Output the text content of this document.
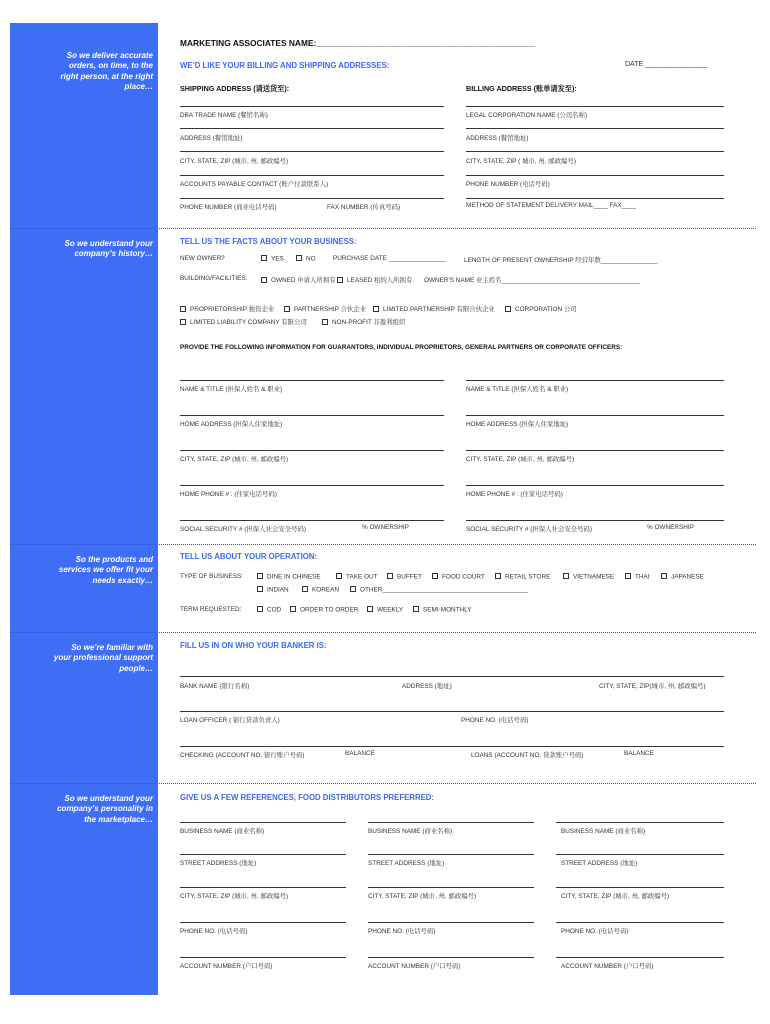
So we deliver accurate orders, on time, to the right person, at the right place…
So we understand your company’s history…
So the products and services we offer fit your needs exactly…
So we’re familiar with your professional support people…
So we understand your company’s personality in the marketplace…
MARKETING ASSOCIATES NAME:_______________________________________________
WE’D LIKE YOUR BILLING AND SHIPPING ADDRESSES:	DATE ________________
SHIPPING ADDRESS (请送货至):	BILLING ADDRESS (账单请发至):
DBA TRADE NAME (餐馆名称)
ADDRESS (餐馆地址)
CITY, STATE, ZIP (城市, 州, 邮政编号)
ACCOUNTS PAYABLE CONTACT (账户付款联系人)
PHONE NUMBER (商业电话号码)	FAX NUMBER (传真号码)
LEGAL CORPORATION NAME (公司名称)
ADDRESS (餐馆地址)
CITY, STATE, ZIP ( 城市, 州, 邮政编号)
PHONE NUMBER (电话号码)
METHOD OF STATEMENT DELIVERY MAIL____ FAX____
TELL US THE FACTS ABOUT YOUR BUSINESS:
NEW OWNER?	YES	NO	PURCHASE DATE ________________	LENGTH OF PRESENT OWNERSHIP 经营年数________________
BUILDING/FACILITIES:	OWNED 申请人所拥有	LEASED 租的人所拥有 OWNER'S NAME 业主姓名_______________________________________
PROPRIETORSHIP 独资企业	PARTNERSHIP 合伙企业	LIMITED PARTNERSHIP 有限合伙企业	CORPORATION 公司
LIMITED LIABILITY COMPANY 有限公司	NON-PROFIT 非盈利组织
PROVIDE THE FOLLOWING INFORMATION FOR GUARANTORS, INDIVIDUAL PROPRIETORS, GENERAL PARTNERS OR CORPORATE OFFICERS:
NAME & TITLE (担保人姓名 & 职业)
HOME ADDRESS (担保人住家地址)
CITY, STATE, ZIP (城市, 州, 邮政编号)
HOME PHONE # : (住家电话号码)
SOCIAL SECURITY # (担保人社会安全号码)	% OWNERSHIP
NAME & TITLE (担保人姓名 & 职业)
HOME ADDRESS (担保人住家地址)
CITY, STATE, ZIP (城市, 州, 邮政编号)
HOME PHONE # : (住家电话号码)
SOCIAL SECURITY # (担保人社会安全号码)	% OWNERSHIP
TELL US ABOUT YOUR OPERATION:
TYPE OF BUSINESS:	DINE IN CHINESE	TAKE OUT	BUFFET	FOOD COURT	RETAIL STORE	VIETNAMESE	THAI	JAPANESE
INDIAN	KOREAN	OTHER_________________________________________
TERM REQUESTED:	COD	ORDER TO ORDER	WEEKLY	SEMI-MONTHLY
FILL US IN ON WHO YOUR BANKER IS:
BANK NAME (银行名称)	ADDRESS (地址)	CITY, STATE, ZIP(城市, 州, 邮政编号)
LOAN OFFICER ( 银行贷款负责人)	PHONE NO. (电话号码)
CHECKING (ACCOUNT NO. 银行账户号码)	BALANCE	LOANS (ACCOUNT NO. 贷款账户号码)	BALANCE
GIVE US A FEW REFERENCES, FOOD DISTRIBUTORS PREFERRED:
BUSINESS NAME (商业名称)
STREET ADDRESS (地址)
CITY, STATE, ZIP (城市, 州, 邮政编号)
PHONE NO. (电话号码)
ACCOUNT NUMBER (户口号码)
BUSINESS NAME (商业名称)
STREET ADDRESS (地址)
CITY, STATE, ZIP (城市, 州, 邮政编号)
PHONE NO. (电话号码)
ACCOUNT NUMBER (户口号码)
BUSINESS NAME (商业名称)
STREET ADDRESS (地址)
CITY, STATE, ZIP (城市, 州, 邮政编号)
PHONE NO. (电话号码)
ACCOUNT NUMBER (户口号码)
